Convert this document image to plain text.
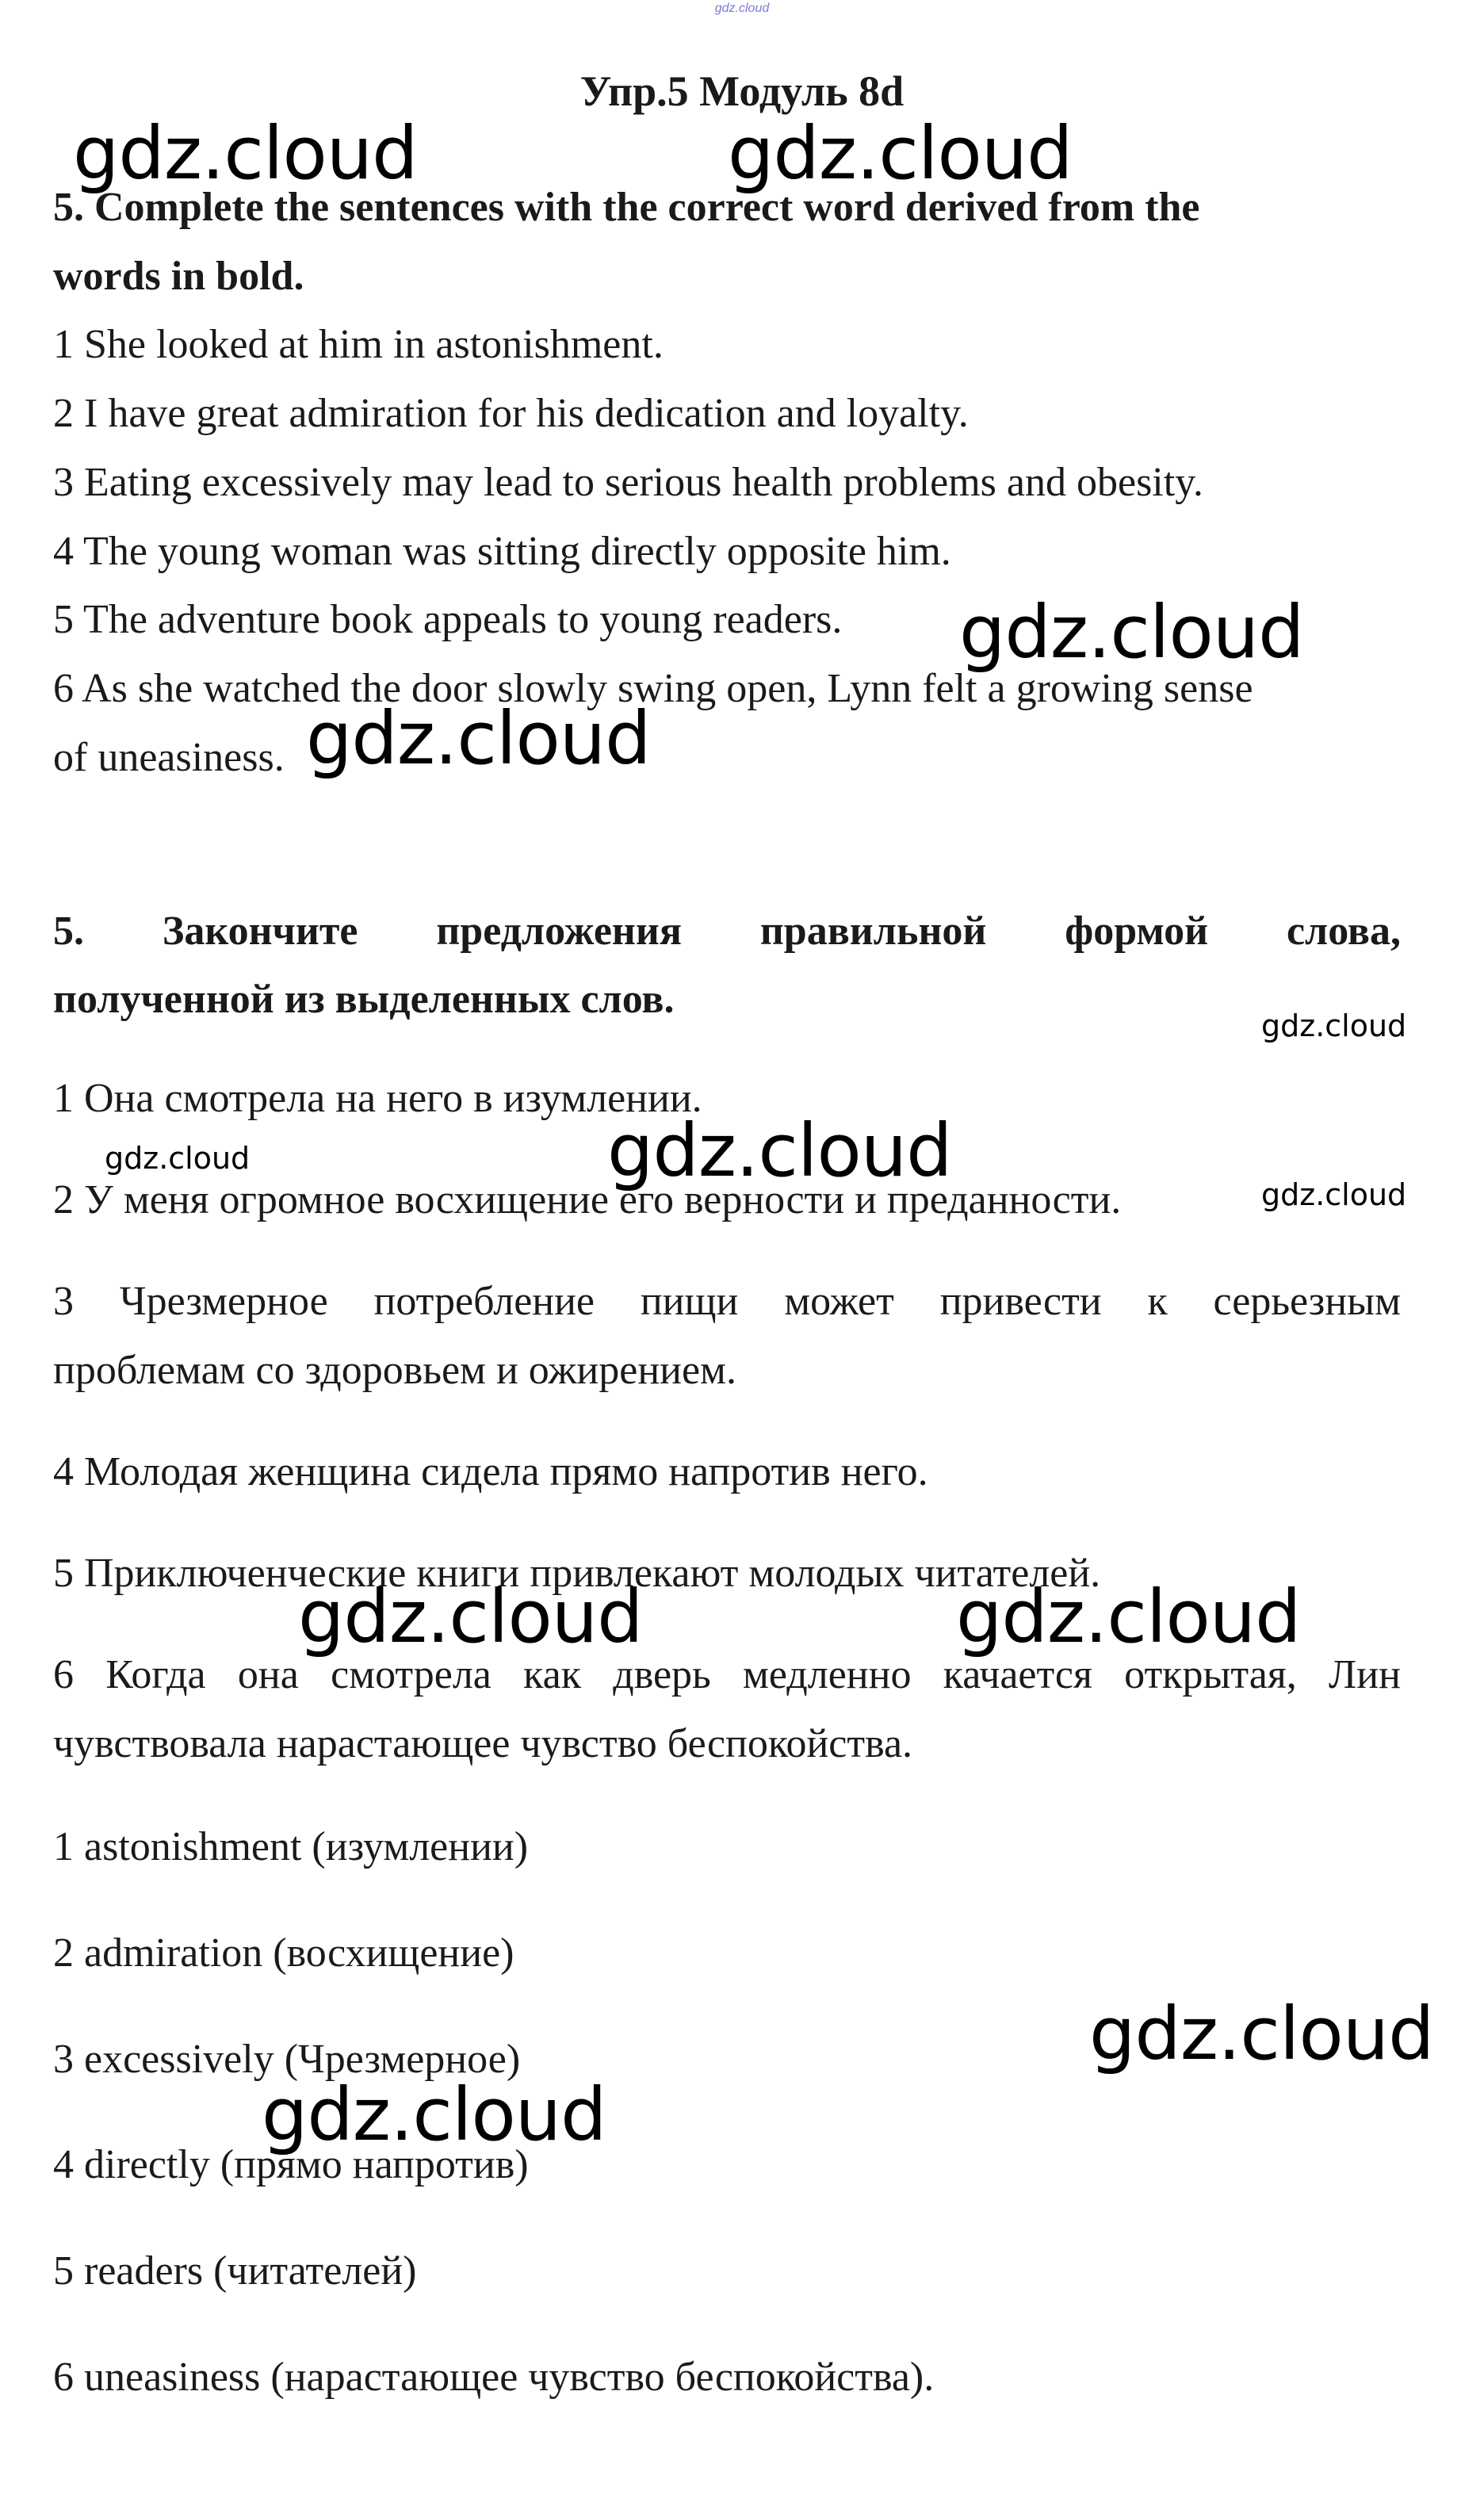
gdz.cloud
Упр.5 Модуль 8d

5. Complete the sentences with the correct word derived from the

words in bold.

1 She looked at him in astonishment.

2 I have great admiration for his dedication and loyalty.

3 Eating excessively may lead to serious health problems and obesity.

4 The young woman was sitting directly opposite him.

5 The adventure book appeals to young readers.

6 As she watched the door slowly swing open, Lynn felt a growing sense

of uneasiness.

5. Закончите предложения правильной формой слова,

полученной из выделенных слов.

1 Она смотрела на него в изумлении.

2 У меня огромное восхищение его верности и преданности.

3 Чрезмерное потребление пищи может привести к серьезным

проблемам со здоровьем и ожирением.

4 Молодая женщина сидела прямо напротив него.

5 Приключенческие книги привлекают молодых читателей.

6 Когда она смотрела как дверь медленно качается открытая, Лин

чувствовала нарастающее чувство беспокойства.

1 astonishment (изумлении)

2 admiration (восхищение)

3 excessively (Чрезмерное)

4 directly (прямо напротив)

5 readers (читателей)

6 uneasiness (нарастающее чувство беспокойства).

gdz.cloud	gdz.cloud
gdz.cloud
gdz.cloud
gdz.cloud
gdz.cloud	gdz.cloud
gdz.cloud
gdz.cloud	gdz.cloud
gdz.cloud
gdz.cloud
